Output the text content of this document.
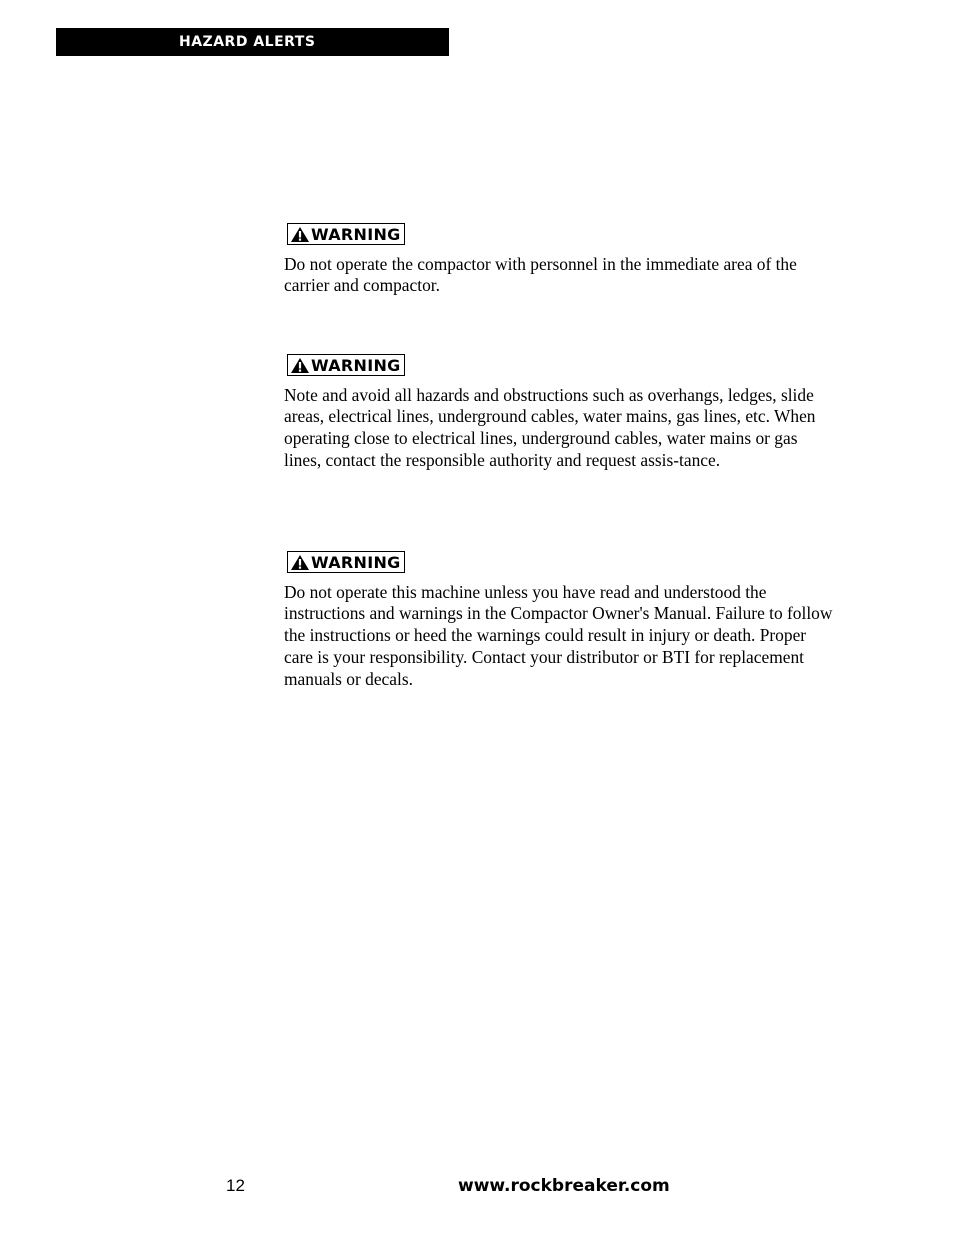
HAZARD ALERTS
WARNING

Do not operate the compactor with personnel in the immediate area of the carrier and compactor.

WARNING

Note and avoid all hazards and obstructions such as overhangs, ledges, slide areas, electrical lines, underground cables, water mains, gas lines, etc. When operating close to electrical lines, underground cables, water mains or gas lines, contact the responsible authority and request assis-tance.

WARNING

Do not operate this machine unless you have read and understood the instructions and warnings in the Compactor Owner's Manual. Failure to follow the instructions or heed the warnings could result in injury or death. Proper care is your responsibility. Contact your distributor or BTI for replacement manuals or decals.

12	www.rockbreaker.com
